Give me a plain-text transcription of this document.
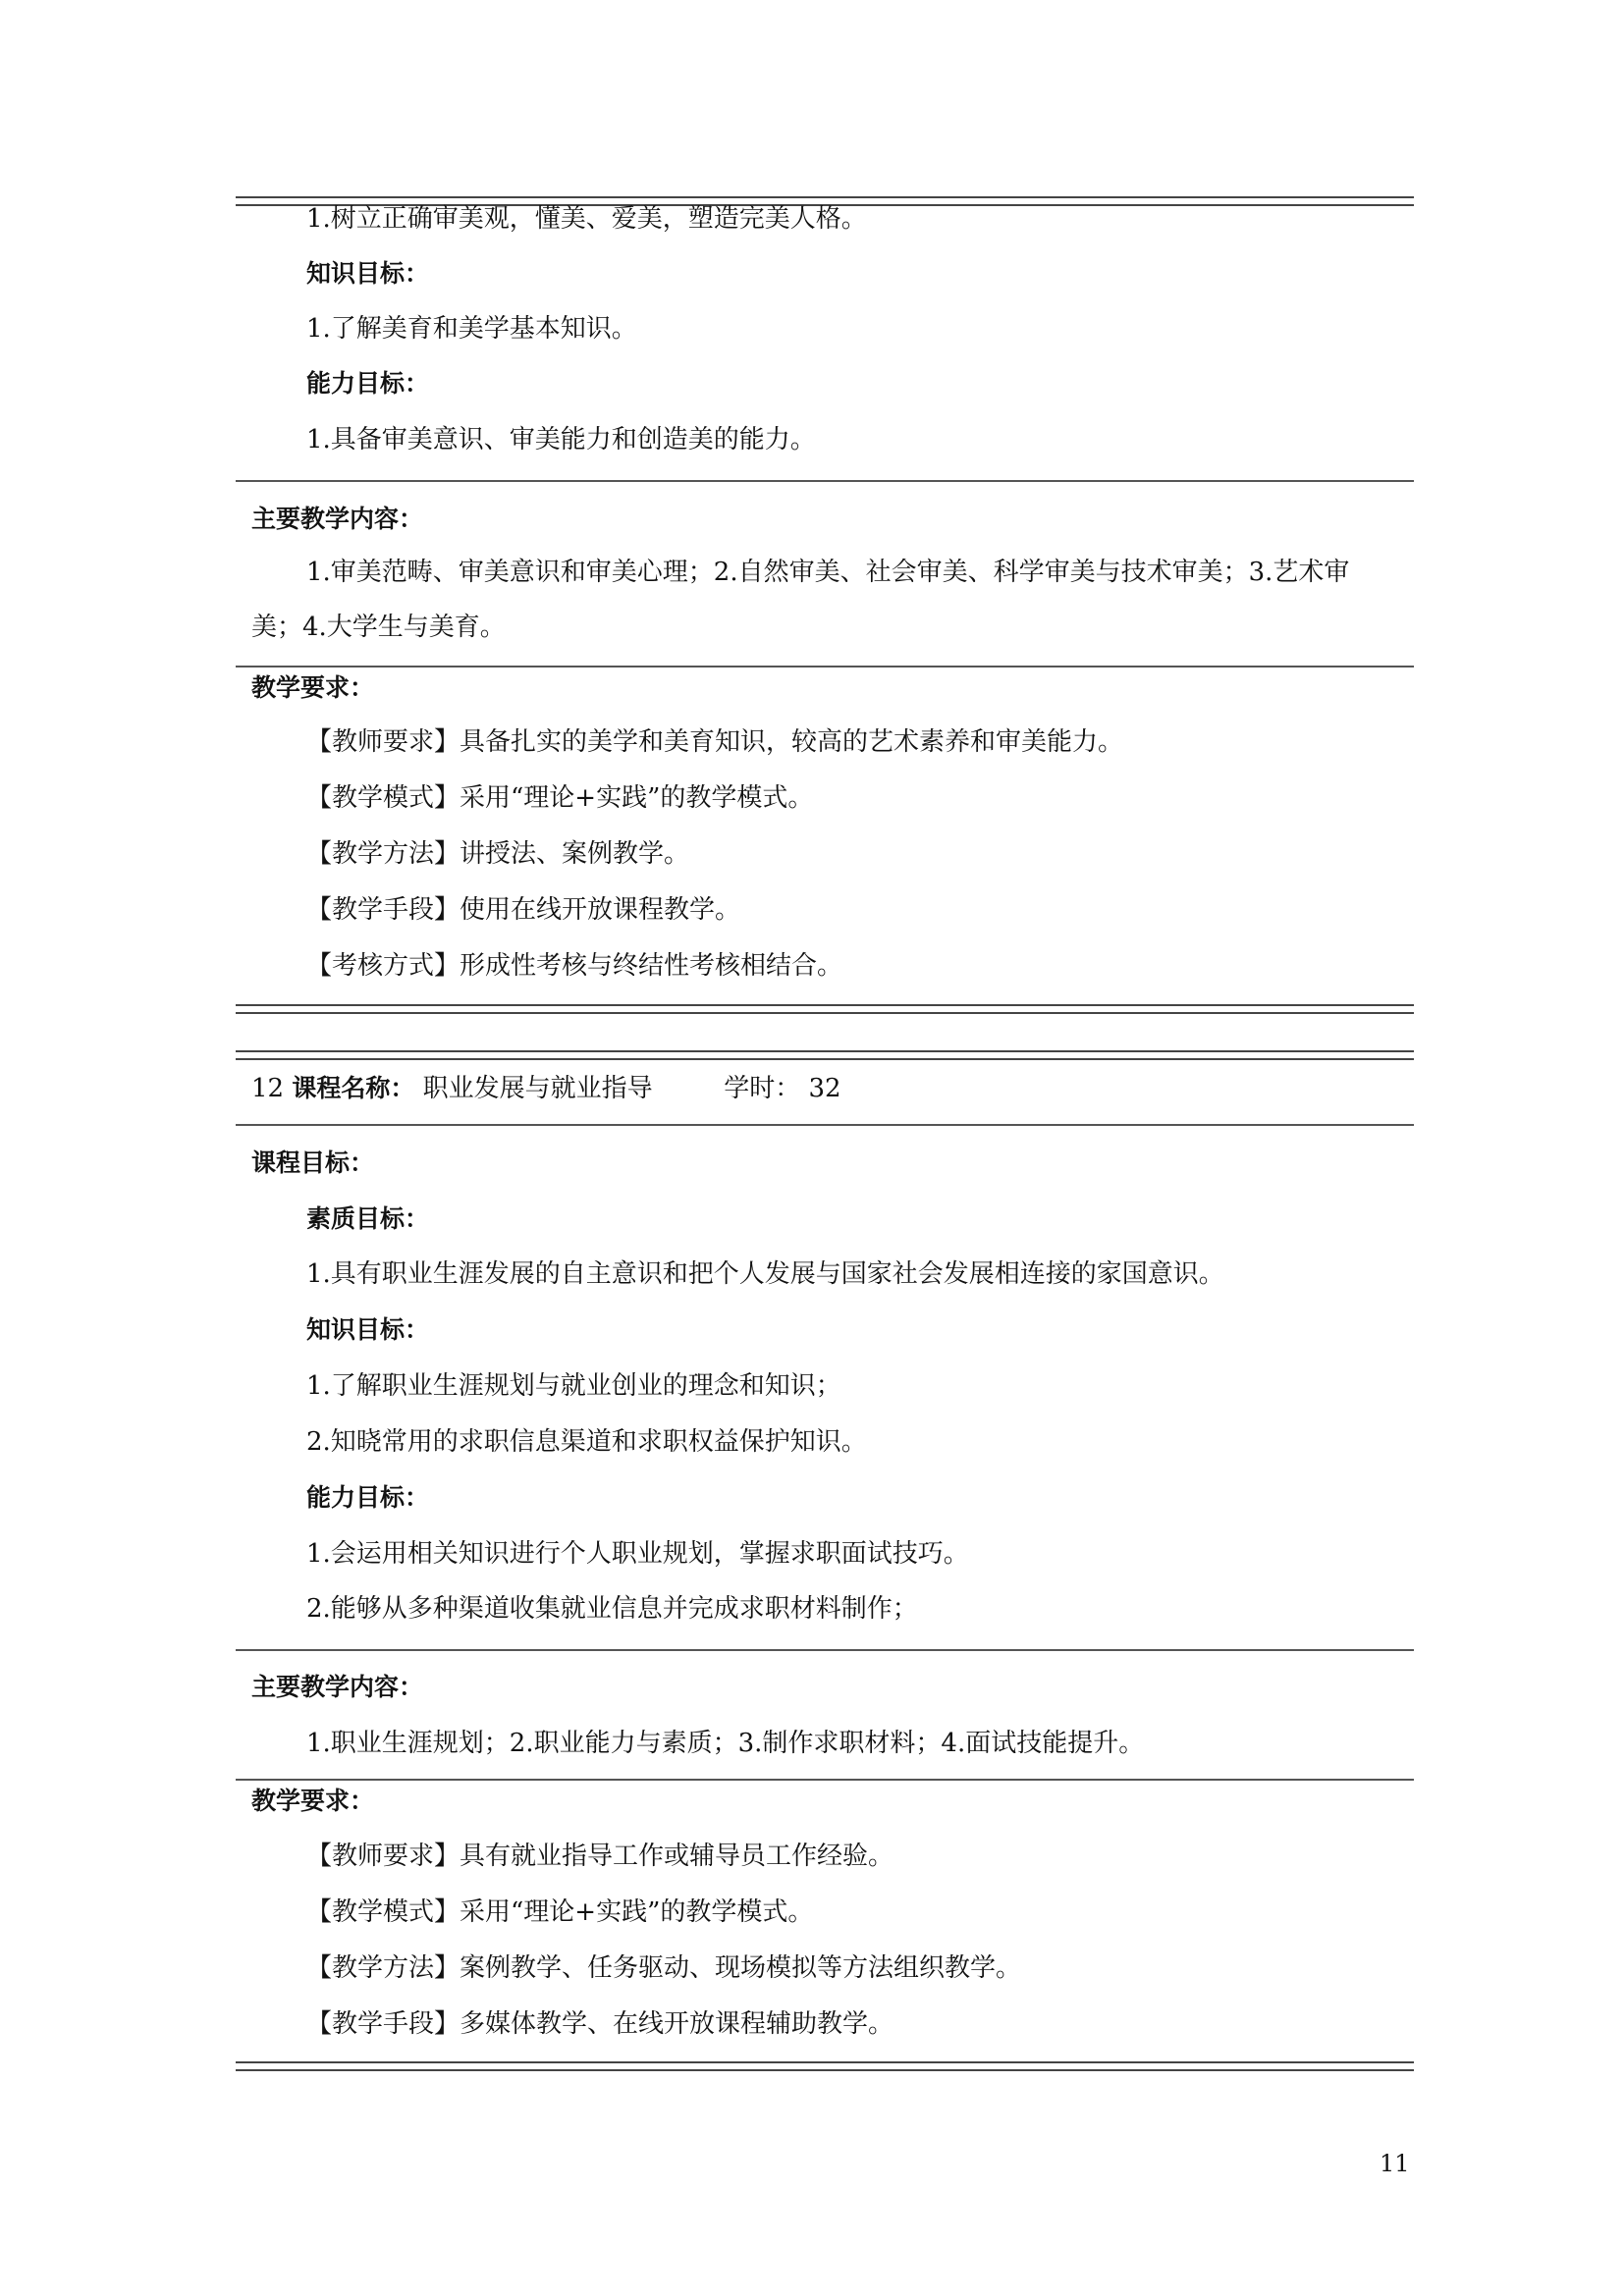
1.树立正确审美观，懂美、爱美，塑造完美人格。
知识目标：
1.了解美育和美学基本知识。
能力目标：
1.具备审美意识、审美能力和创造美的能力。
主要教学内容：
1.审美范畴、审美意识和审美心理；2.自然审美、社会审美、科学审美与技术审美；3.艺术审美；4.大学生与美育。
教学要求：
【教师要求】具备扎实的美学和美育知识，较高的艺术素养和审美能力。
【教学模式】采用“理论+实践”的教学模式。
【教学方法】讲授法、案例教学。
【教学手段】使用在线开放课程教学。
【考核方式】形成性考核与终结性考核相结合。
12 课程名称： 职业发展与就业指导	学时： 32
课程目标：
素质目标：
1.具有职业生涯发展的自主意识和把个人发展与国家社会发展相连接的家国意识。
知识目标：
1.了解职业生涯规划与就业创业的理念和知识；
2.知晓常用的求职信息渠道和求职权益保护知识。
能力目标：
1.会运用相关知识进行个人职业规划，掌握求职面试技巧。
2.能够从多种渠道收集就业信息并完成求职材料制作；
主要教学内容：
1.职业生涯规划；2.职业能力与素质；3.制作求职材料；4.面试技能提升。
教学要求：
【教师要求】具有就业指导工作或辅导员工作经验。
【教学模式】采用“理论+实践”的教学模式。
【教学方法】案例教学、任务驱动、现场模拟等方法组织教学。
【教学手段】多媒体教学、在线开放课程辅助教学。
11
